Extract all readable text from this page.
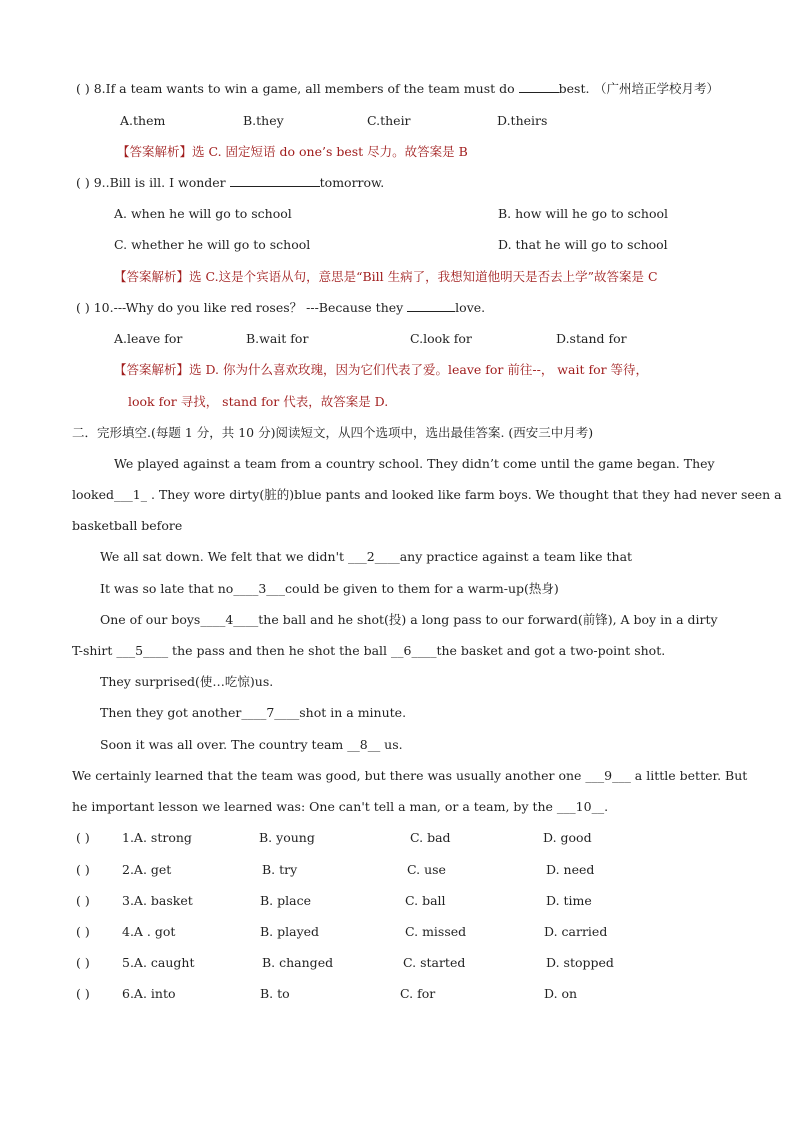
( ) 8.If a team wants to win a game, all members of the team must do	best. （广州培正学校月考）
A.them	B.they	C.their	D.theirs
【答案解析】选 C. 固定短语 do one’s best 尽力。故答案是 B
( ) 9..Bill is ill. I wonder	tomorrow.
A. when he will go to school	B. how will he go to school
C. whether he will go to school	D. that he will go to school
【答案解析】选 C.这是个宾语从句，意思是“Bill 生病了，我想知道他明天是否去上学”故答案是 C
( ) 10.---Why do you like red roses？ ---Because they	love.
A.leave for	B.wait for	C.look for	D.stand for
【答案解析】选 D. 你为什么喜欢玫瑰，因为它们代表了爱。leave for 前往--， wait for 等待，
look for 寻找， stand for 代表，故答案是 D.
二．完形填空.(每题 1 分，共 10 分)阅读短文，从四个选项中，选出最佳答案. (西安三中月考)
We played against a team from a country school. They didn’t come until the game began. They
looked___1_ . They wore dirty(脏的)blue pants and looked like farm boys. We thought that they had never seen a
basketball before
We all sat down. We felt that we didn't ___2____any practice against a team like that
It was so late that no____3___could be given to them for a warm-up(热身)
One of our boys____4____the ball and he shot(投) a long pass to our forward(前锋), A boy in a dirty
T-shirt ___5____ the pass and then he shot the ball __6____the basket and got a two-point shot.
They surprised(使…吃惊)us.
Then they got another____7____shot in a minute.
Soon it was all over. The country team __8__ us.
We certainly learned that the team was good, but there was usually another one ___9___ a little better. But
he important lesson we learned was: One can't tell a man, or a team, by the ___10__.
( )	1.A. strong	B. young	C. bad	D. good
( )	2.A. get	B. try	C. use	D. need
( )	3.A. basket	B. place	C. ball	D. time
( )	4.A . got	B. played	C. missed	D. carried
( )	5.A. caught	B. changed	C. started	D. stopped
( )	6.A. into	B. to	C. for	D. on
